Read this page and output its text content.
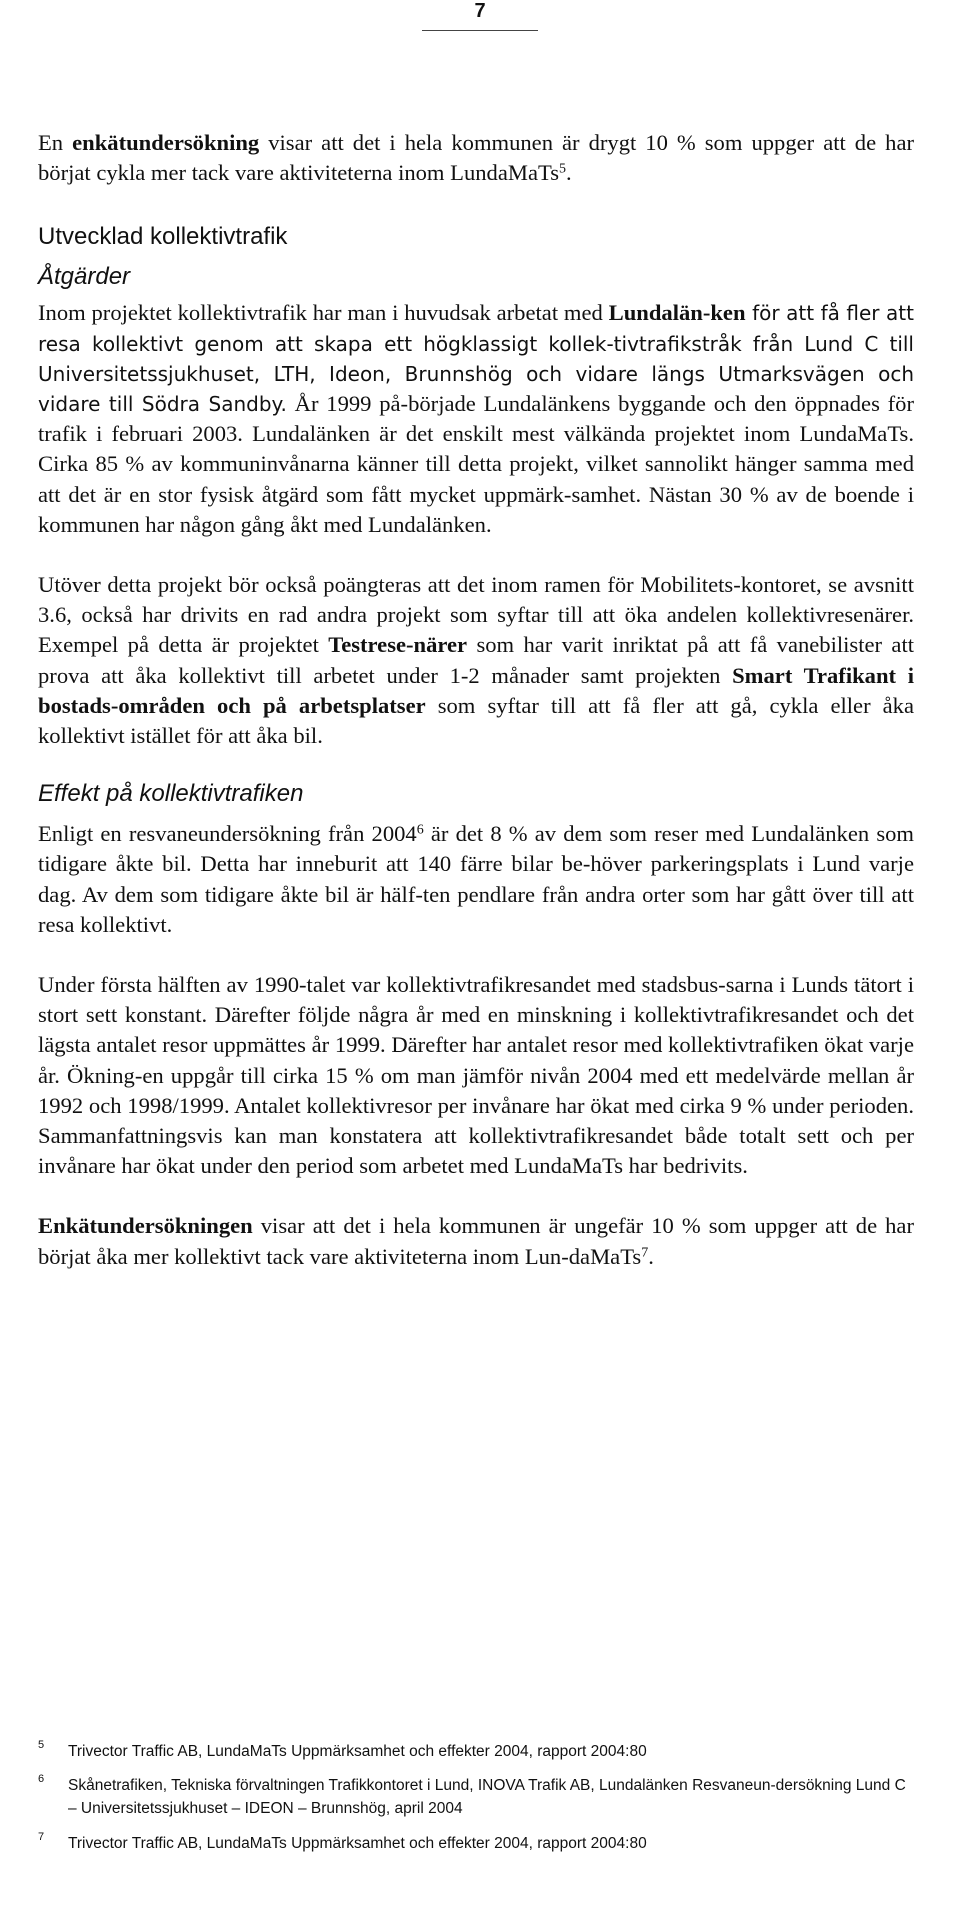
7

En enkätundersökning visar att det i hela kommunen är drygt 10 % som uppger att de har börjat cykla mer tack vare aktiviteterna inom LundaMaTs$^5$.

Utvecklad kollektivtrafik
Åtgärder

Inom projektet kollektivtrafik har man i huvudsak arbetat med Lundalän-ken för att få fler att resa kollektivt genom att skapa ett högklassigt kollek-tivtrafikstråk från Lund C till Universitetssjukhuset, LTH, Ideon, Brunnshög och vidare längs Utmarksvägen och vidare till Södra Sandby. År 1999 på-började Lundalänkens byggande och den öppnades för trafik i februari 2003. Lundalänken är det enskilt mest välkända projektet inom LundaMaTs. Cirka 85 % av kommuninvånarna känner till detta projekt, vilket sannolikt hänger samma med att det är en stor fysisk åtgärd som fått mycket uppmärk-samhet. Nästan 30 % av de boende i kommunen har någon gång åkt med Lundalänken.

Utöver detta projekt bör också poängteras att det inom ramen för Mobilitets-kontoret, se avsnitt 3.6, också har drivits en rad andra projekt som syftar till att öka andelen kollektivresenärer. Exempel på detta är projektet Testrese-närer som har varit inriktat på att få vanebilister att prova att åka kollektivt till arbetet under 1-2 månader samt projekten Smart Trafikant i bostads-områden och på arbetsplatser som syftar till att få fler att gå, cykla eller åka kollektivt istället för att åka bil.

Effekt på kollektivtrafiken

Enligt en resvaneundersökning från 2004$^6$ är det 8 % av dem som reser med Lundalänken som tidigare åkte bil. Detta har inneburit att 140 färre bilar be-höver parkeringsplats i Lund varje dag. Av dem som tidigare åkte bil är hälf-ten pendlare från andra orter som har gått över till att resa kollektivt.

Under första hälften av 1990-talet var kollektivtrafikresandet med stadsbus-sarna i Lunds tätort i stort sett konstant. Därefter följde några år med en minskning i kollektivtrafikresandet och det lägsta antalet resor uppmättes år 1999. Därefter har antalet resor med kollektivtrafiken ökat varje år. Ökning-en uppgår till cirka 15 % om man jämför nivån 2004 med ett medelvärde mellan år 1992 och 1998/1999. Antalet kollektivresor per invånare har ökat med cirka 9 % under perioden. Sammanfattningsvis kan man konstatera att kollektivtrafikresandet både totalt sett och per invånare har ökat under den period som arbetet med LundaMaTs har bedrivits.

Enkätundersökningen visar att det i hela kommunen är ungefär 10 % som uppger att de har börjat åka mer kollektivt tack vare aktiviteterna inom Lun-daMaTs$^7$.

5 Trivector Traffic AB, LundaMaTs Uppmärksamhet och effekter 2004, rapport 2004:80
6 Skånetrafiken, Tekniska förvaltningen Trafikkontoret i Lund, INOVA Trafik AB, Lundalänken Resvaneun-dersökning Lund C – Universitetssjukhuset – IDEON – Brunnshög, april 2004
7 Trivector Traffic AB, LundaMaTs Uppmärksamhet och effekter 2004, rapport 2004:80
